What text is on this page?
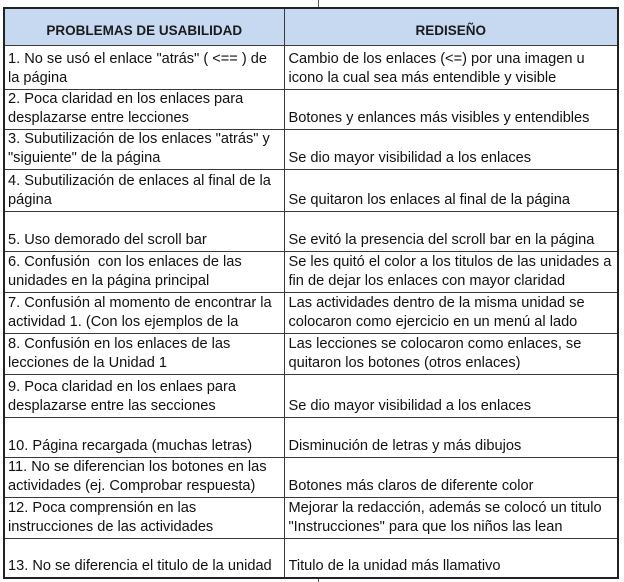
PROBLEMAS DE USABILIDAD	REDISEÑO

1. No se usó el enlace "atrás" ( <== ) de
la página	Cambio de los enlaces (<=) por una imagen u
icono la cual sea más entendible y visible

2. Poca claridad en los enlaces para
desplazarse entre lecciones	Botones y enlances más visibles y entendibles

3. Subutilización de los enlaces "atrás" y
"siguiente" de la página	Se dio mayor visibilidad a los enlaces

4. Subutilización de enlaces al final de la
página	Se quitaron los enlaces al final de la página

5. Uso demorado del scroll bar	Se evitó la presencia del scroll bar en la página

6. Confusión  con los enlaces de las
unidades en la página principal	Se les quitó el color a los titulos de las unidades a
fin de dejar los enlaces con mayor claridad

7. Confusión al momento de encontrar la
actividad 1. (Con los ejemplos de la	Las actividades dentro de la misma unidad se
colocaron como ejercicio en un menú al lado

8. Confusión en los enlaces de las
lecciones de la Unidad 1	Las lecciones se colocaron como enlaces, se
quitaron los botones (otros enlaces)

9. Poca claridad en los enlaes para
desplazarse entre las secciones	Se dio mayor visibilidad a los enlaces

10. Página recargada (muchas letras)	Disminución de letras y más dibujos

11. No se diferencian los botones en las
actividades (ej. Comprobar respuesta)	Botones más claros de diferente color

12. Poca comprensión en las
instrucciones de las actividades	Mejorar la redacción, además se colocó un titulo
"Instrucciones" para que los niños las lean

13. No se diferencia el titulo de la unidad	Titulo de la unidad más llamativo
